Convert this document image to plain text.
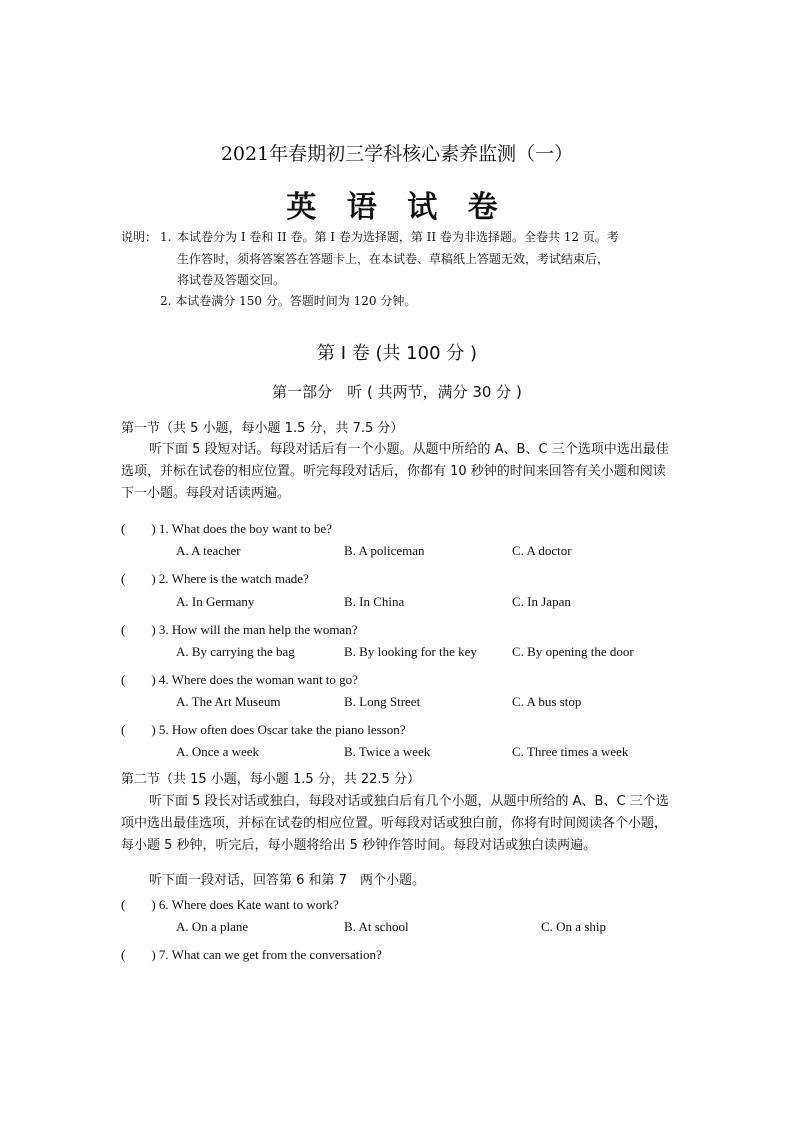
2021年春期初三学科核心素养监测（一）
英 语 试 卷
说明： 1. 本试卷分为 I 卷和 II 卷。第 I 卷为选择题，第 II 卷为非选择题。全卷共 12 页。考
生作答时，须将答案答在答题卡上，在本试卷、草稿纸上答题无效，考试结束后，
将试卷及答题交回。
2. 本试卷满分 150 分。答题时间为 120 分钟。
第 I 卷 (共 100 分 )
第一部分　听 ( 共两节，满分 30 分 )
第一节（共 5 小题，每小题 1.5 分，共 7.5 分）
听下面 5 段短对话。每段对话后有一个小题。从题中所给的 A、B、C 三个选项中选出最佳选项，并标在试卷的相应位置。听完每段对话后，你都有 10 秒钟的时间来回答有关小题和阅读下一小题。每段对话读两遍。
(　　) 1. What does the boy want to be?
A. A teacher	B. A policeman	C. A doctor
(　　) 2. Where is the watch made?
A. In Germany	B. In China	C. In Japan
(　　) 3. How will the man help the woman?
A. By carrying the bag	B. By looking for the key	C. By opening the door
(　　) 4. Where does the woman want to go?
A. The Art Museum	B. Long Street	C. A bus stop
(　　) 5. How often does Oscar take the piano lesson?
A. Once a week	B. Twice a week	C. Three times a week
第二节（共 15 小题，每小题 1.5 分，共 22.5 分）
听下面 5 段长对话或独白，每段对话或独白后有几个小题，从题中所给的 A、B、C 三个选项中选出最佳选项，并标在试卷的相应位置。听每段对话或独白前，你将有时间阅读各个小题，每小题 5 秒钟，听完后，每小题将给出 5 秒钟作答时间。每段对话或独白读两遍。
听下面一段对话，回答第 6 和第 7　两个小题。
(　　) 6. Where does Kate want to work?
A. On a plane	B. At school	C. On a ship
(　　) 7. What can we get from the conversation?
